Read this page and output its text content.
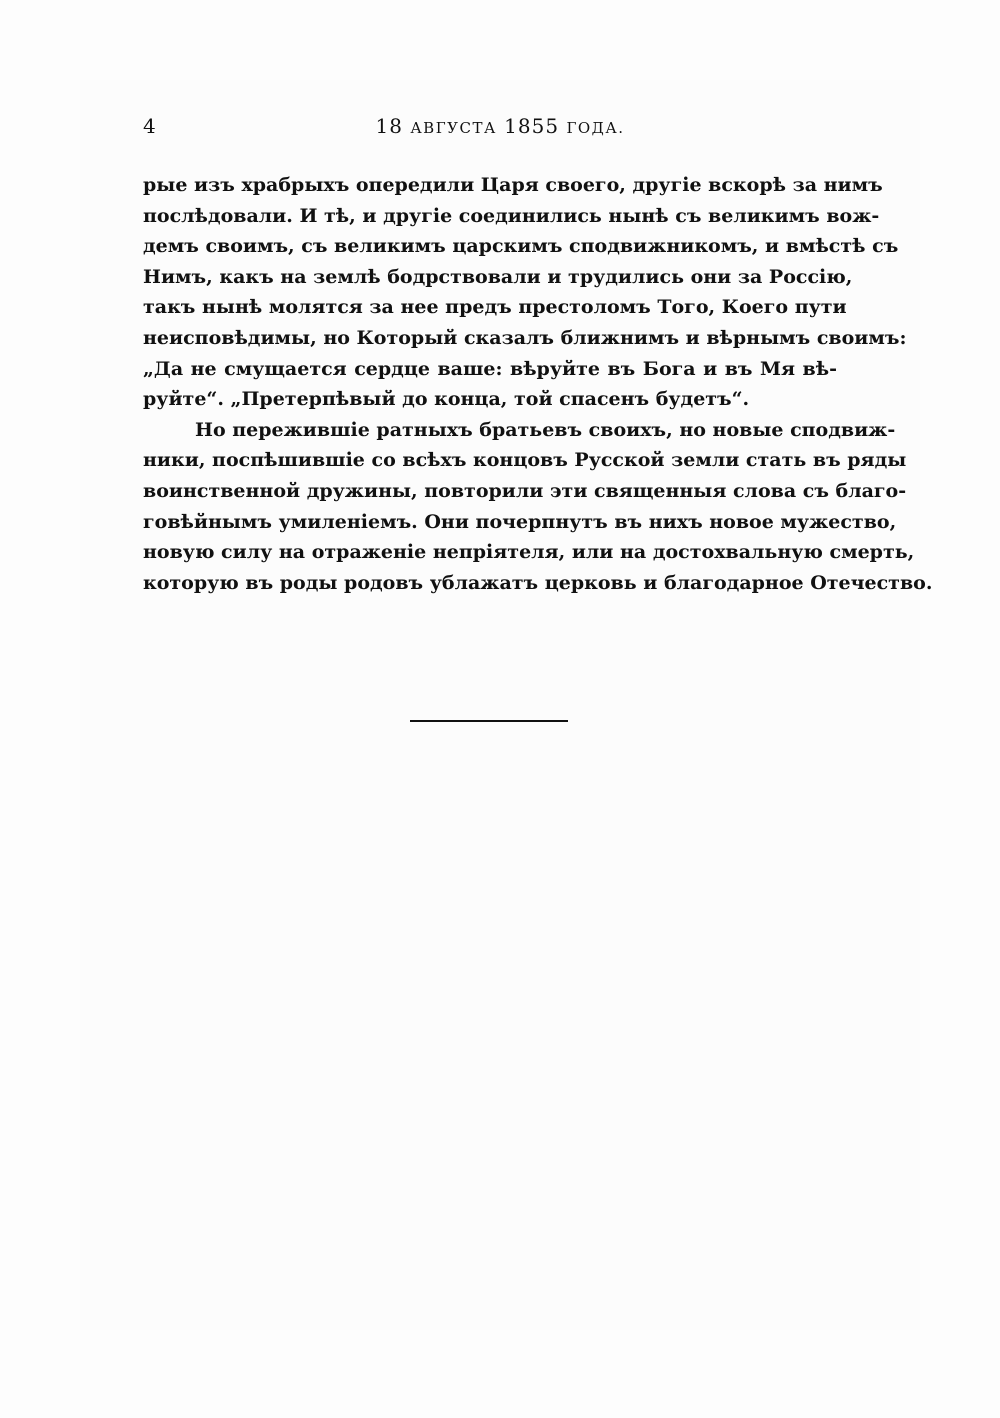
4	18 АВГУСТА 1855 ГОДА.
рые изъ храбрыхъ опередили Царя своего, другіе вскорѣ за нимъ
послѣдовали. И тѣ, и другіе соединились нынѣ съ великимъ вож-
демъ своимъ, съ великимъ царскимъ сподвижникомъ, и вмѣстѣ съ
Нимъ, какъ на землѣ бодрствовали и трудились они за Россію,
такъ нынѣ молятся за нее предъ престоломъ Того, Коего пути
неисповѣдимы, но Который сказалъ ближнимъ и вѣрнымъ своимъ:
„Да не смущается сердце ваше: вѣруйте въ Бога и въ Мя вѣ-
руйте“. „Претерпѣвый до конца, той спасенъ будетъ“.
Но пережившіе ратныхъ братьевъ своихъ, но новые сподвиж-
ники, поспѣшившіе со всѣхъ концовъ Русской земли стать въ ряды
воинственной дружины, повторили эти священныя слова съ благо-
говѣйнымъ умиленіемъ. Они почерпнутъ въ нихъ новое мужество,
новую силу на отраженіе непріятеля, или на достохвальную смерть,
которую въ роды родовъ ублажатъ церковь и благодарное Отечество.
